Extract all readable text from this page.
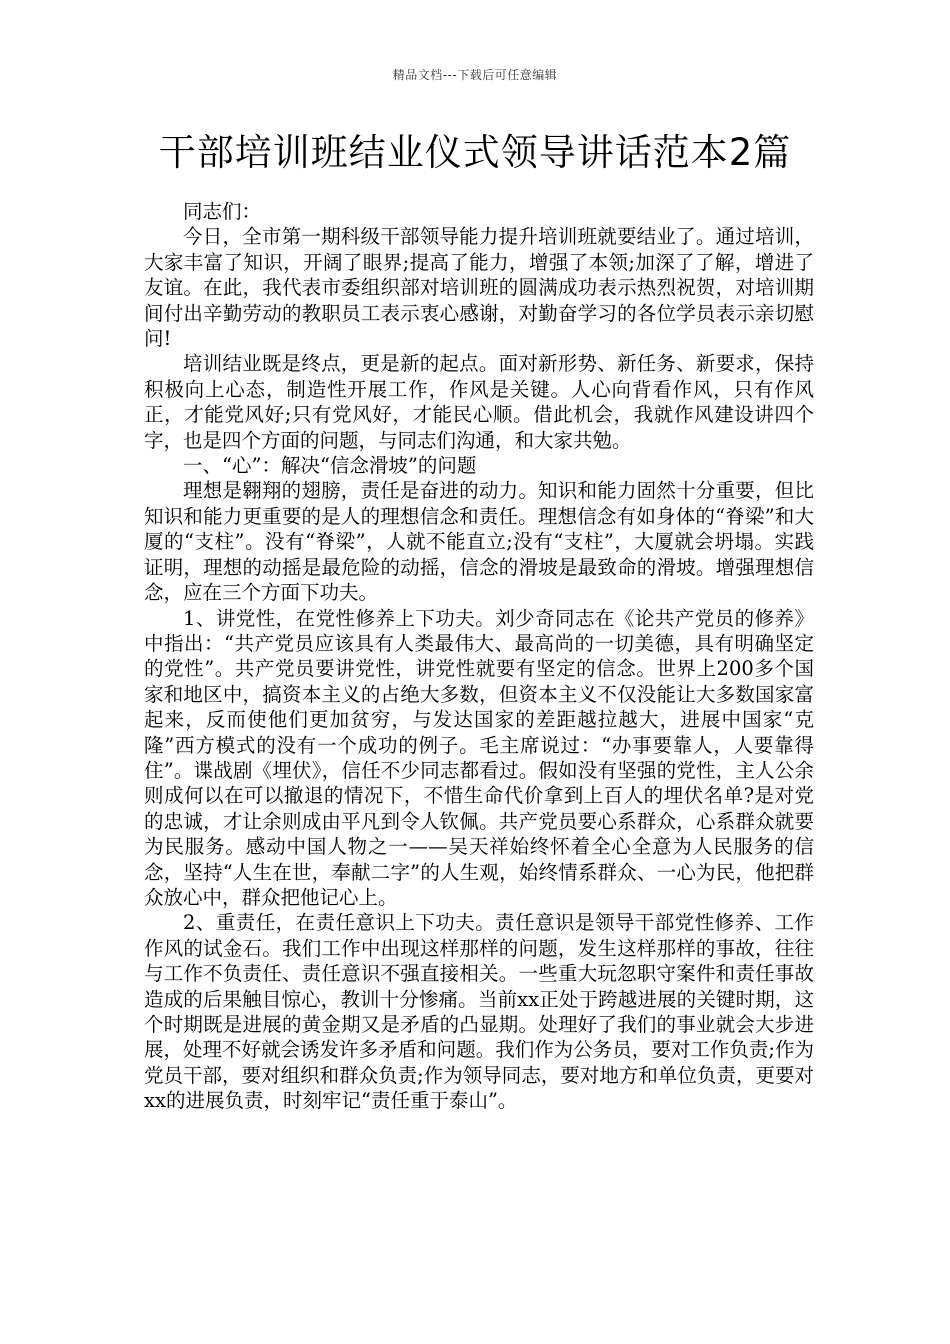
精品文档---下载后可任意编辑
干部培训班结业仪式领导讲话范本2篇

同志们：

今日，全市第一期科级干部领导能力提升培训班就要结业了。通过培训，大家丰富了知识，开阔了眼界;提高了能力，增强了本领;加深了了解，增进了友谊。在此，我代表市委组织部对培训班的圆满成功表示热烈祝贺，对培训期间付出辛勤劳动的教职员工表示衷心感谢，对勤奋学习的各位学员表示亲切慰问!

培训结业既是终点，更是新的起点。面对新形势、新任务、新要求，保持积极向上心态，制造性开展工作，作风是关键。人心向背看作风，只有作风正，才能党风好;只有党风好，才能民心顺。借此机会，我就作风建设讲四个字，也是四个方面的问题，与同志们沟通，和大家共勉。

一、“心”：解决“信念滑坡”的问题

理想是翱翔的翅膀，责任是奋进的动力。知识和能力固然十分重要，但比知识和能力更重要的是人的理想信念和责任。理想信念有如身体的“脊梁”和大厦的“支柱”。没有“脊梁”，人就不能直立;没有“支柱”，大厦就会坍塌。实践证明，理想的动摇是最危险的动摇，信念的滑坡是最致命的滑坡。增强理想信念，应在三个方面下功夫。

1、讲党性，在党性修养上下功夫。刘少奇同志在《论共产党员的修养》中指出：“共产党员应该具有人类最伟大、最高尚的一切美德，具有明确坚定的党性”。共产党员要讲党性，讲党性就要有坚定的信念。世界上200多个国家和地区中，搞资本主义的占绝大多数，但资本主义不仅没能让大多数国家富起来，反而使他们更加贫穷，与发达国家的差距越拉越大，进展中国家“克隆”西方模式的没有一个成功的例子。毛主席说过：“办事要靠人，人要靠得住”。谍战剧《埋伏》，信任不少同志都看过。假如没有坚强的党性，主人公余则成何以在可以撤退的情况下，不惜生命代价拿到上百人的埋伏名单?是对党的忠诚，才让余则成由平凡到令人钦佩。共产党员要心系群众，心系群众就要为民服务。感动中国人物之一——吴天祥始终怀着全心全意为人民服务的信念，坚持“人生在世，奉献二字”的人生观，始终情系群众、一心为民，他把群众放心中，群众把他记心上。

2、重责任，在责任意识上下功夫。责任意识是领导干部党性修养、工作作风的试金石。我们工作中出现这样那样的问题，发生这样那样的事故，往往与工作不负责任、责任意识不强直接相关。一些重大玩忽职守案件和责任事故造成的后果触目惊心，教训十分惨痛。当前xx正处于跨越进展的关键时期，这个时期既是进展的黄金期又是矛盾的凸显期。处理好了我们的事业就会大步进展，处理不好就会诱发许多矛盾和问题。我们作为公务员，要对工作负责;作为党员干部，要对组织和群众负责;作为领导同志，要对地方和单位负责，更要对xx的进展负责，时刻牢记“责任重于泰山”。
